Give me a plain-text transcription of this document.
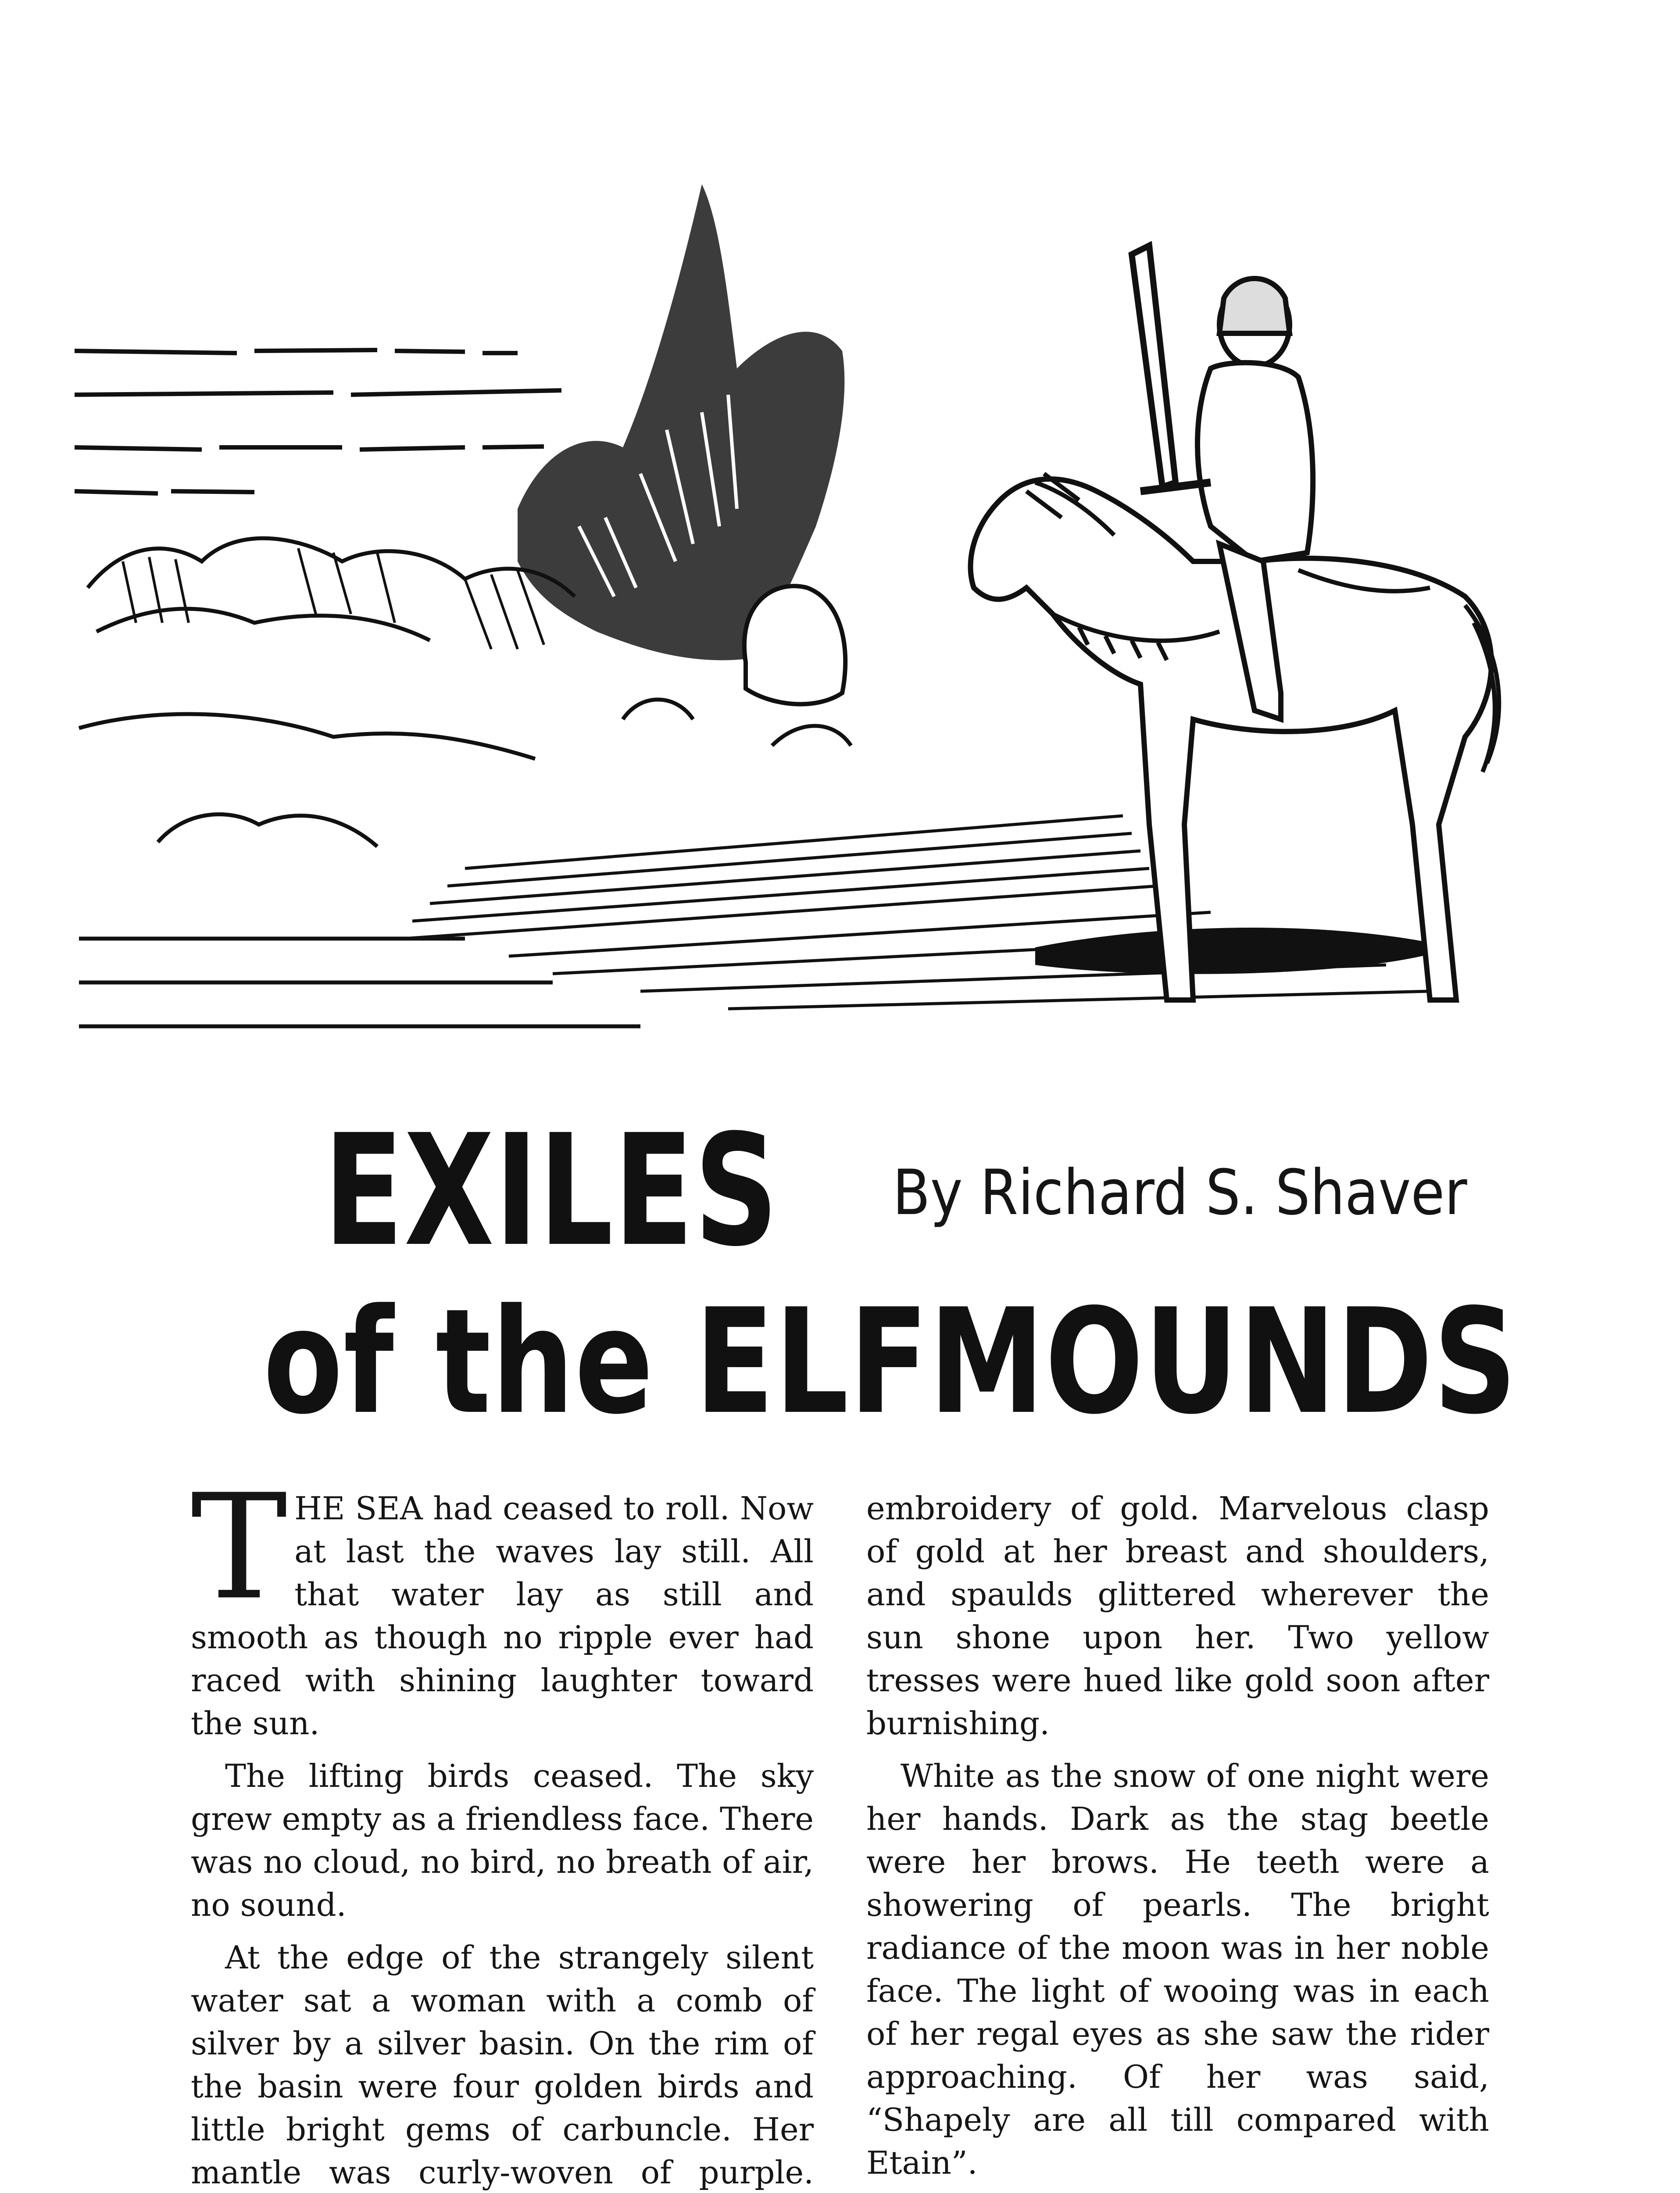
EXILES
of the ELFMOUNDS
By Richard S. Shaver

THE SEA had ceased to roll. Now at last the waves lay still. All that water lay as still and smooth as though no ripple ever had raced with shining laughter toward the sun.

The lifting birds ceased. The sky grew empty as a friendless face. There was no cloud, no bird, no breath of air, no sound.

At the edge of the strangely silent water sat a woman with a comb of silver by a silver basin. On the rim of the basin were four golden birds and little bright gems of carbuncle. Her mantle was curly-woven of purple.

embroidery of gold. Marvelous clasp of gold at her breast and shoulders, and spaulds glittered wherever the sun shone upon her. Two yellow tresses were hued like gold soon after burnishing.

White as the snow of one night were her hands. Dark as the stag beetle were her brows. He teeth were a showering of pearls. The bright radiance of the moon was in her noble face. The light of wooing was in each of her regal eyes as she saw the rider approaching. Of her was said, “Shapely are all till compared with Etain”.
